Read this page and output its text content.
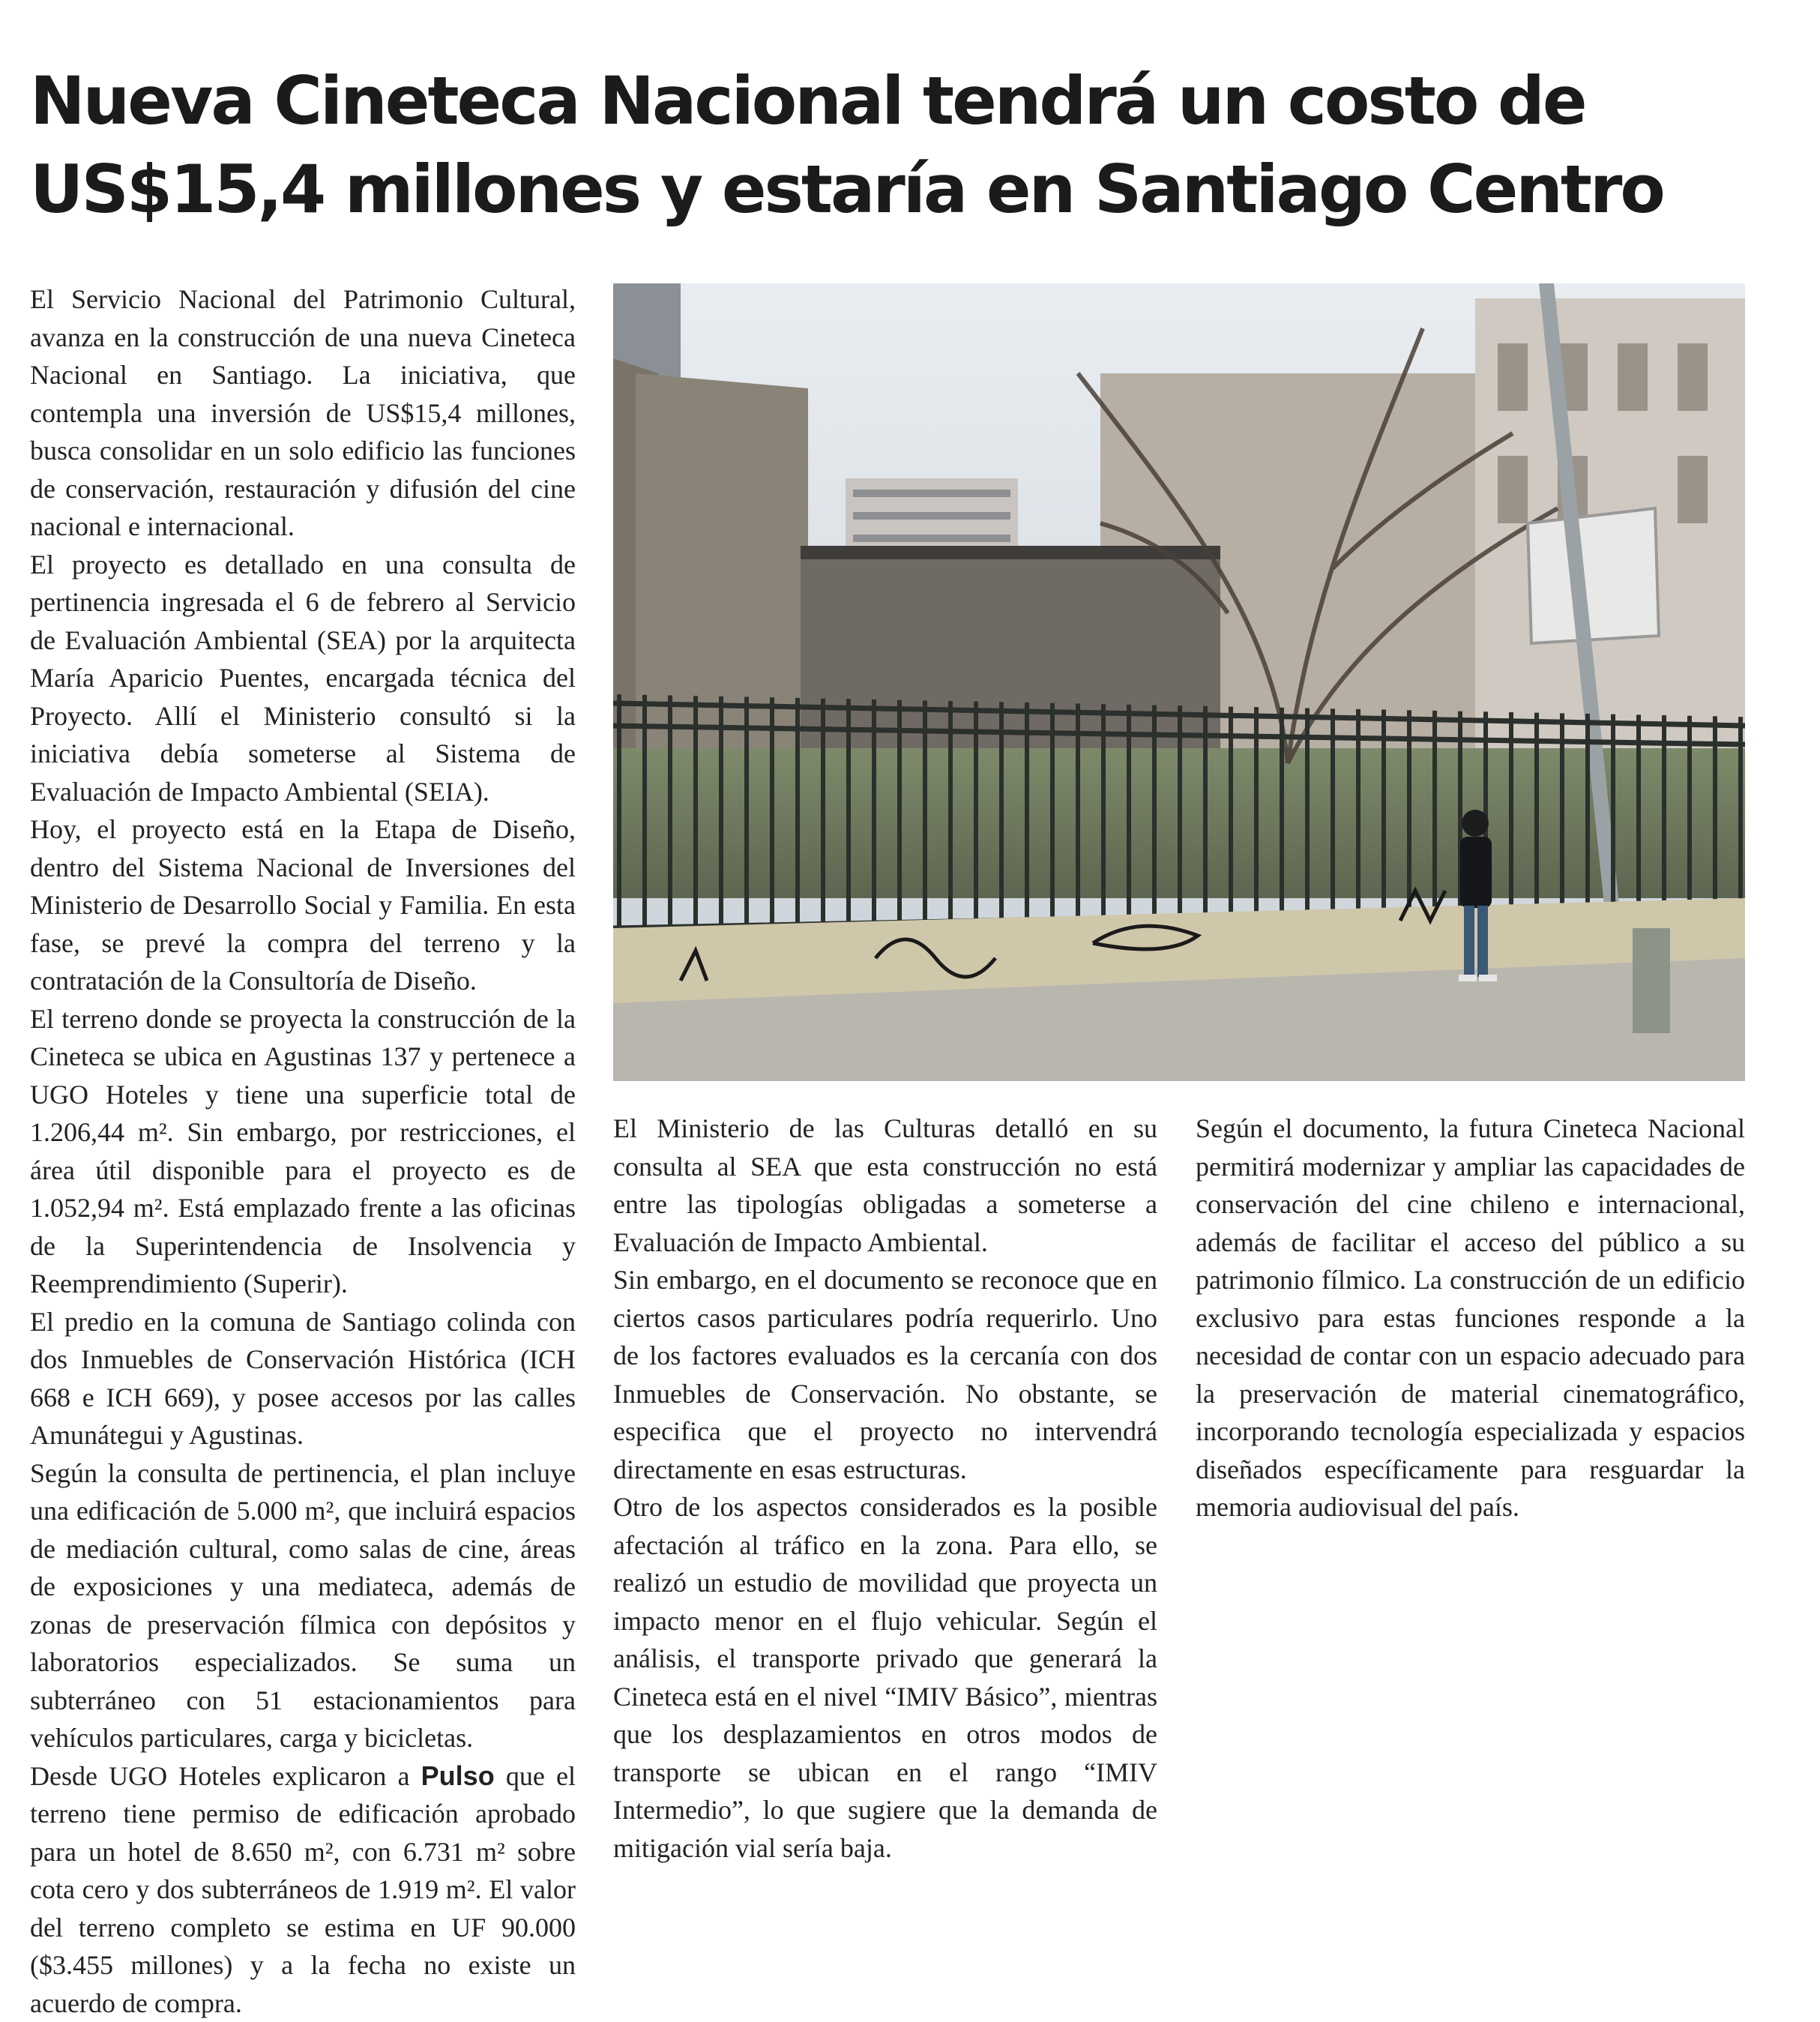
Nueva Cineteca Nacional tendrá un costo de US$15,4 millones y estaría en Santiago Centro

El Servicio Nacional del Patrimonio Cultural, avanza en la construcción de una nueva Cineteca Nacional en Santiago. La iniciativa, que contempla una inversión de US$15,4 millones, busca consolidar en un solo edificio las funciones de conservación, restauración y difusión del cine nacional e internacional.

El proyecto es detallado en una consulta de pertinencia ingresada el 6 de febrero al Servicio de Evaluación Ambiental (SEA) por la arquitecta María Aparicio Puentes, encargada técnica del Proyecto. Allí el Ministerio consultó si la iniciativa debía someterse al Sistema de Evaluación de Impacto Ambiental (SEIA).

Hoy, el proyecto está en la Etapa de Diseño, dentro del Sistema Nacional de Inversiones del Ministerio de Desarrollo Social y Familia. En esta fase, se prevé la compra del terreno y la contratación de la Consultoría de Diseño.

El terreno donde se proyecta la construcción de la Cineteca se ubica en Agustinas 137 y pertenece a UGO Hoteles y tiene una superficie total de 1.206,44 m². Sin embargo, por restricciones, el área útil disponible para el proyecto es de 1.052,94 m². Está emplazado frente a las oficinas de la Superintendencia de Insolvencia y Reemprendimiento (Superir).

El predio en la comuna de Santiago colinda con dos Inmuebles de Conservación Histórica (ICH 668 e ICH 669), y posee accesos por las calles Amunátegui y Agustinas.

Según la consulta de pertinencia, el plan incluye una edificación de 5.000 m², que incluirá espacios de mediación cultural, como salas de cine, áreas de exposiciones y una mediateca, además de zonas de preservación fílmica con depósitos y laboratorios especializados. Se suma un subterráneo con 51 estacionamientos para vehículos particulares, carga y bicicletas.

Desde UGO Hoteles explicaron a Pulso que el terreno tiene permiso de edificación aprobado para un hotel de 8.650 m², con 6.731 m² sobre cota cero y dos subterráneos de 1.919 m². El valor del terreno completo se estima en UF 90.000 ($3.455 millones) y a la fecha no existe un acuerdo de compra.

El Ministerio de las Culturas detalló en su consulta al SEA que esta construcción no está entre las tipologías obligadas a someterse a Evaluación de Impacto Ambiental.

Sin embargo, en el documento se reconoce que en ciertos casos particulares podría requerirlo. Uno de los factores evaluados es la cercanía con dos Inmuebles de Conservación. No obstante, se especifica que el proyecto no intervendrá directamente en esas estructuras.

Otro de los aspectos considerados es la posible afectación al tráfico en la zona. Para ello, se realizó un estudio de movilidad que proyecta un impacto menor en el flujo vehicular. Según el análisis, el transporte privado que generará la Cineteca está en el nivel “IMIV Básico”, mientras que los desplazamientos en otros modos de transporte se ubican en el rango “IMIV Intermedio”, lo que sugiere que la demanda de mitigación vial sería baja.

Según el documento, la futura Cineteca Nacional permitirá modernizar y ampliar las capacidades de conservación del cine chileno e internacional, además de facilitar el acceso del público a su patrimonio fílmico. La construcción de un edificio exclusivo para estas funciones responde a la necesidad de contar con un espacio adecuado para la preservación de material cinematográfico, incorporando tecnología especializada y espacios diseñados específicamente para resguardar la memoria audiovisual del país.
